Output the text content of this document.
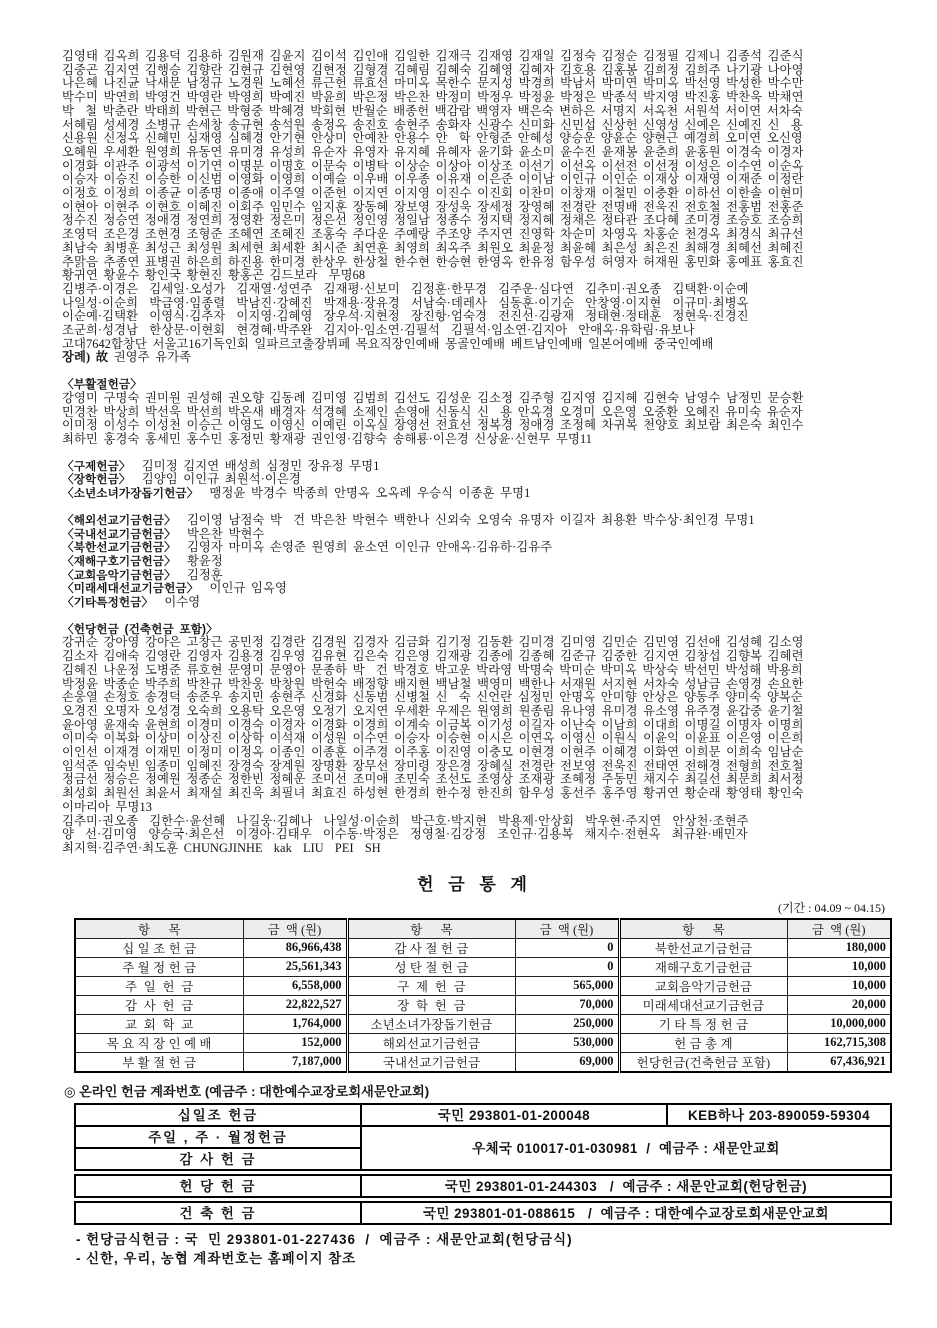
김영태 김옥희 김용덕 김용하 김원재 김윤지 김이석 김인애 김일한 김재극 김재영 김재일 김정숙 김정순 김정필 김제니 김종석 김준식
김중곤 김지연 김행승 김향란 김현규 김현영 김현정 김형경 김혜림 김혜숙 김혜영 김혜자 김호용 김홍봉 김희정 김희주 나기광 나아영
나은혜 나진균 낙새문 남정규 노경원 노혜선 류근헌 류효선 마미옥 목한수 문지성 박경희 박남서 박미연 박미옥 박선영 박성한 박수만
박수미 박연희 박영건 박영란 박영희 박예진 박윤희 박은정 박은찬 박정미 박정우 박정윤 박정은 박종석 박지영 박진홍 박찬욱 박채연
박  철 박춘란 박태희 박현근 박형중 박혜경 박회현 반월순 배종헌 백감람 백영자 백은숙 변하은 서명지 서옥천 서원석 서이연 서차숙
서혜림 성세경 소병규 손세창 송규현 송석원 송정옥 송진호 송현주 송화자 신광수 신미화 신민섭 신상헌 신영성 신예은 신예진 신  용
신용원 신정옥 신혜민 심재영 심혜경 안기현 안상미 안예찬 안용수 안  학 안형준 안혜성 양승운 양윤순 양현근 예경희 오미연 오신영
오혜원 우세환 원영희 유동연 유미경 유성희 유순자 유영자 유지혜 유혜자 윤기화 윤소미 윤수진 윤재봉 윤춘희 윤홍원 이경숙 이경자
이경화 이관주 이광석 이기연 이명분 이명호 이문숙 이병탁 이상순 이상아 이상조 이선기 이선옥 이선전 이선정 이성은 이수연 이순옥
이승자 이승진 이승한 이신범 이영화 이영희 이예슬 이우배 이우종 이유재 이은준 이이남 이인규 이인순 이재상 이재영 이재준 이정란
이정호 이정희 이종균 이종명 이종애 이주열 이준헌 이지연 이지영 이진수 이진회 이찬미 이창재 이철민 이충환 이하선 이한솔 이현미
이현아 이현주 이현호 이혜진 이회주 임민수 임지훈 장동혜 장보영 장성욱 장세정 장영혜 전경란 전명배 전욱진 전호철 전홍범 전홍준
정수진 정승연 정애경 정연희 정영환 정은미 정은선 정인영 정일남 정종수 정지택 정지혜 정채은 정타관 조다혜 조미경 조승호 조승희
조영덕 조은경 조현경 조형준 조혜연 조혜진 조홍숙 주다운 주예랑 주조양 주지연 진영학 차순미 차영옥 차홍순 천경옥 최경식 최규선
최남숙 최병훈 최성근 최성원 최세현 최세환 최시준 최연훈 최영희 최옥주 최원오 최윤정 최윤혜 최은성 최은진 최해경 최혜선 최혜진
추맑음 추종연 표병권 하은희 하진용 한미경 한상우 한상철 한수현 한승현 한영옥 한유정 함우성 허영자 허재원 홍민화 홍예표 홍효진
황귀연 황윤수 황인국 황현진 황홍곤 김드보라  무명68
김병주·이경은  김세일·오성가  김재열·성연주  김재평·신보미  김정훈·한무경  김주운·심다연  김추미·권오종  김택환·이순예
나일성·이순희  박금영·임종렬  박남진·강혜진  박재용·장유경  서남숙·데레사  심동훈·이기순  안창영·이지현  이규미·최병옥
이순예·김택환  이영식·김추자  이지영·김혜영  장우석·지현정  장진항·엄숙경  전진선·김광재  정태현·정태훈  정현욱·진경진
조군희·성경남  한상문·이현회  현경혜·박주완  김지아·임소연·김필석  김필석·임소연·김지아  안애옥·유학림·유보나
고대7642합창단 서울고16기독인회 일파르코출장뷔페 목요직장인예배 몽골인예배 베트남인예배 일본어예배 중국인예배
장례) 故 권영주 유가족
〈부활절헌금〉
강영미 구명숙 권미원 권성해 권오향 김동례 김미영 김범희 김선도 김성운 김소정 김주형 김지영 김지혜 김현숙 남영수 남정민 문승환
민경찬 박상희 박선욱 박선희 박온새 배경자 석경혜 소제인 손영애 신동식 신  용 안옥경 오경미 오은영 오중환 오혜진 유미숙 유순자
이미정 이성수 이성천 이승근 이영도 이영신 이예린 이옥실 장영선 전효선 정복경 정애경 조정혜 차귀복 천양호 최보람 최은숙 최인수
최하민 홍경숙 홍세민 홍수민 홍정민 황재광 권인영·김향숙 송해룡·이은경 신상윤·신현무 무명11
〈구제헌금〉 김미정 김지연 배성희 심정민 장유정 무명1
〈장학헌금〉 김양임 이인규 최원석·이은경
〈소년소녀가장돕기헌금〉 맹정윤 박경수 박종희 안명옥 오옥례 우승식 이종훈 무명1
〈해외선교기금헌금〉 김이영 남점숙 박  건 박은찬 박현수 백한나 신외숙 오영숙 유명자 이길자 최용환 박수상·최인경 무명1
〈국내선교기금헌금〉 박은찬 박현수
〈북한선교기금헌금〉 김영자 마미옥 손영준 원영희 윤소연 이인규 안애옥·김유하·김유주
〈재해구호기금헌금〉 황윤정
〈교회음악기금헌금〉 김정훈
〈미래세대선교기금헌금〉 이인규 임옥영
〈기타특정헌금〉 이수영
〈헌당헌금 (건축헌금 포함)〉
강귀순 강아영 강아은 고창근 공민정 김경란 김경원 김경자 김금화 김기정 김동환 김미경 김미영 김민순 김민영 김선애 김성혜 김소영
김소자 김애숙 김영란 김영자 김용경 김우영 김유현 김은숙 김은영 김재광 김종에 김종혜 김준규 김중한 김지연 김창섭 김향복 김혜련
김혜진 나운정 도병준 류호현 문영미 문영아 문종하 박  건 박경호 박고운 박라영 박명숙 박미순 박미옥 박상숙 박선민 박성해 박용희
박정윤 박종순 박주희 박찬규 박찬웅 박창원 박헌숙 배정향 배지현 백남철 백영미 백한나 서재원 서지현 서차숙 성남금 손영경 손요한
손웅열 손정호 송경덕 송준우 송지민 송현주 신경화 신동범 신병철 신  숙 신언란 심정민 안명옥 안미향 안상은 양동주 양미숙 양복순
오경진 오명자 오성경 오숙희 오용탁 오은영 오정기 오지연 우세환 우제은 원영희 원종림 유나영 유미경 유소영 유주경 윤갑중 윤기철
윤아영 윤재숙 윤현희 이경미 이경숙 이경자 이경화 이경희 이계숙 이금복 이기성 이길자 이난숙 이남희 이대희 이명길 이명자 이명희
이미숙 이복화 이상미 이상진 이상학 이석재 이성원 이수연 이승자 이승현 이시은 이연옥 이영신 이원식 이윤익 이윤표 이은영 이은희
이인선 이재경 이재민 이정미 이정옥 이종인 이종훈 이주경 이주홍 이진영 이충모 이현경 이현주 이혜경 이화연 이희문 이희숙 임남순
임석준 임숙빈 임종미 임혜진 장경숙 장계원 장명환 장무선 장미령 장은경 장혜실 전경란 전보영 전욱진 전태연 전해경 전형희 전호철
정금선 정승은 정예원 정종순 정한빈 정혜운 조미선 조미애 조민숙 조선도 조영상 조재광 조혜정 주동민 채지수 최길선 최문희 최서정
최성회 최원선 최윤서 최재설 최진욱 최필녀 최효진 하성현 한경희 한수정 한진희 함우성 홍선주 홍주영 황귀연 황순래 황영태 황인숙
이마리아 무명13
김추미·권오종  김한수·윤선혜  나길웅·김혜나  나일성·이순희  박근호·박지현  박용제·안상회  박우현·주지연  안상천·조현주
양  선·김미영  양승국·최은선  이경아·김태우  이수동·박정은  정영철·김강정  조인규·김용복  채지수·전현옥  최규완·배민자
최지혁·김주연·최도훈 CHUNGJINHE  kak  LIU  PEI  SH
헌 금 통 계
(기간 : 04.09 ~ 04.15)
항      목	금  액 (원)	항      목	금  액 (원)	항      목	금  액 (원)
십 일 조 헌 금	86,966,438	감 사 절 헌 금	0	북한선교기금헌금	180,000
주 월 정 헌 금	25,561,343	성 탄 절 헌 금	0	재해구호기금헌금	10,000
주  일  헌  금	6,558,000	구  제  헌  금	565,000	교회음악기금헌금	10,000
감  사  헌  금	22,822,527	장  학  헌  금	70,000	미래세대선교기금헌금	20,000
교  회  학  교	1,764,000	소년소녀가장돕기헌금	250,000	기 타 특 정 헌 금	10,000,000
목 요 직 장 인 예 배	152,000	해외선교기금헌금	530,000	헌 금 총 계	162,715,308
부 활 절 헌 금	7,187,000	국내선교기금헌금	69,000	헌당헌금(건축헌금 포함)	67,436,921
◎ 온라인 헌금 계좌번호 (예금주 : 대한예수교장로회새문안교회)
십일조 헌금	국민 293801-01-200048	KEB하나 203-890059-59304
주일 , 주 · 월정헌금	우체국 010017-01-030981  /  예금주 : 새문안교회	
감 사 헌 금		
헌 당 헌 금	국민 293801-01-244303   /  예금주 : 새문안교회(헌당헌금)
건 축 헌 금	국민 293801-01-088615   /  예금주 : 대한예수교장로회새문안교회
- 헌당금식헌금 : 국  민 293801-01-227436  /  예금주 : 새문안교회(헌당금식)
- 신한, 우리, 농협 계좌번호는 홈페이지 참조
